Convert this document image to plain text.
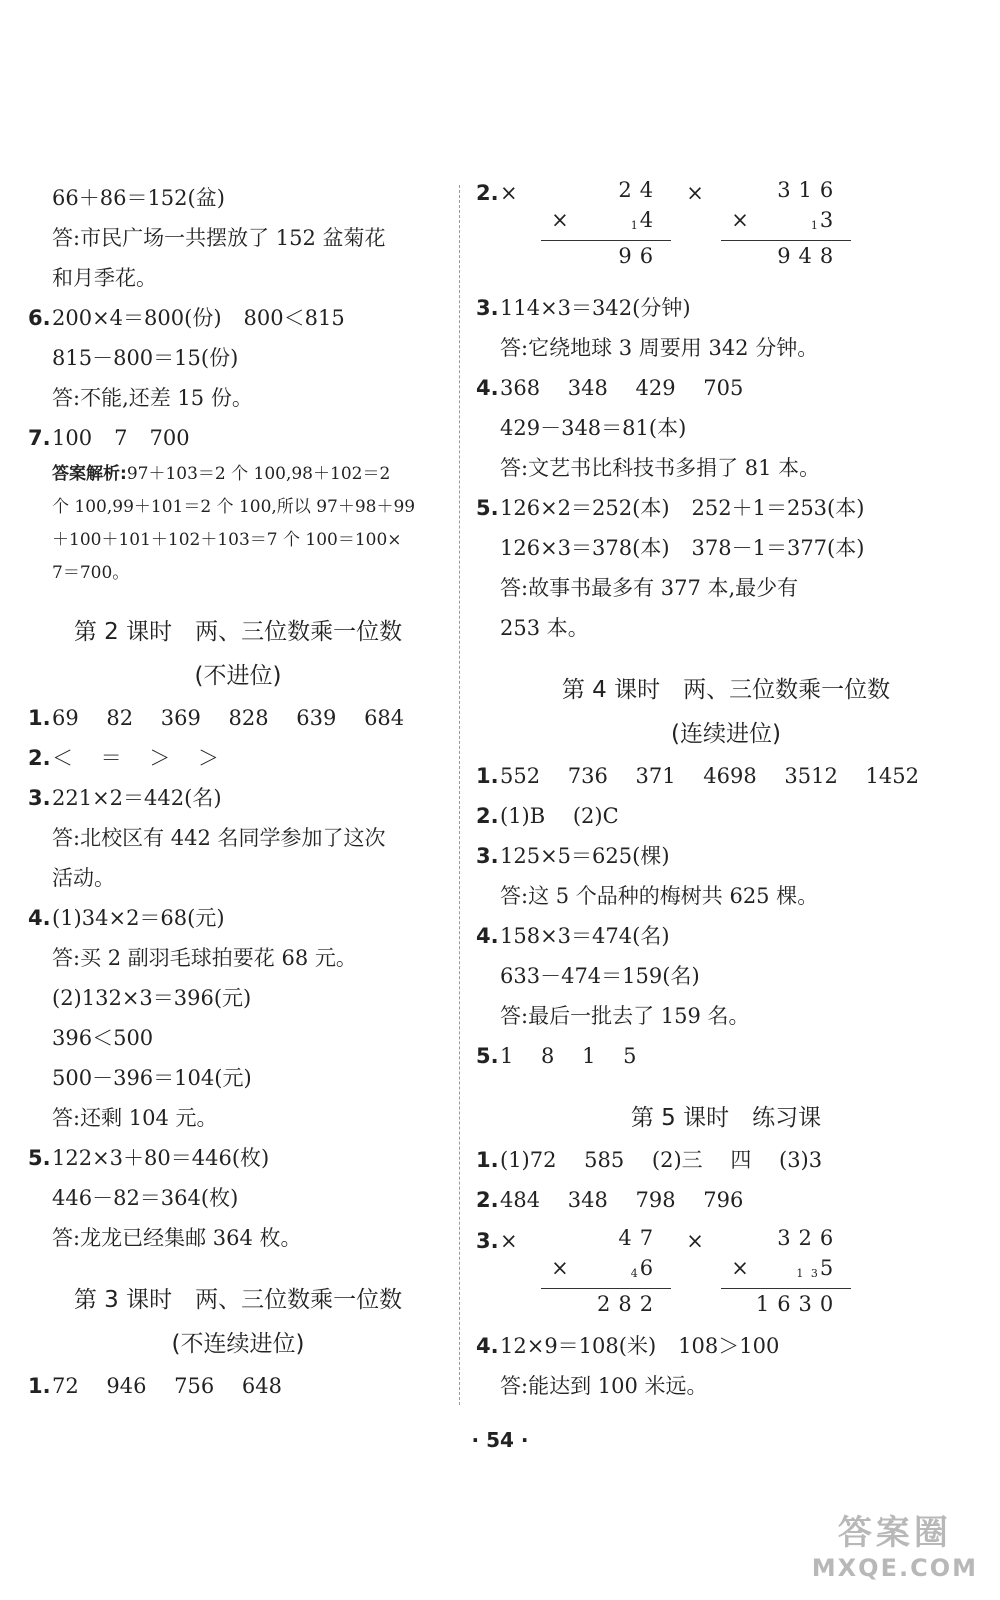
66＋86＝152(盆)
答:市民广场一共摆放了 152 盆菊花
和月季花。
6.200×4＝800(份) 800＜815
815－800＝15(份)
答:不能,还差 15 份。
7.100 7 700
答案解析:97＋103＝2 个 100,98＋102＝2
个 100,99＋101＝2 个 100,所以 97＋98＋99
＋100＋101＋102＋103＝7 个 100＝100×
7＝700。
第 2 课时　两、三位数乘一位数
(不进位)
1.69　 82　 369　 828　 639　 684
2.＜　 ＝　 ＞　 ＞
3.221×2＝442(名)
答:北校区有 442 名同学参加了这次
活动。
4.(1)34×2＝68(元)
答:买 2 副羽毛球拍要花 68 元。
(2)132×3＝396(元)
396＜500
500－396＝104(元)
答:还剩 104 元。
5.122×3＋80＝446(枚)
446－82＝364(枚)
答:龙龙已经集邮 364 枚。
第 3 课时　两、三位数乘一位数
(不连续进位)
1.72　 946　 756　 648
2.×	24
×	$_1$4
96
×	316
×	$_1$3
948
3.114×3＝342(分钟)
答:它绕地球 3 周要用 342 分钟。
4.368　 348　 429　 705
429－348＝81(本)
答:文艺书比科技书多捐了 81 本。
5.126×2＝252(本) 252＋1＝253(本)
126×3＝378(本) 378－1＝377(本)
答:故事书最多有 377 本,最少有
253 本。
第 4 课时　两、三位数乘一位数
(连续进位)
1.552　 736　 371　 4698　 3512　 1452
2.(1)B　 (2)C
3.125×5＝625(棵)
答:这 5 个品种的梅树共 625 棵。
4.158×3＝474(名)
633－474＝159(名)
答:最后一批去了 159 名。
5.1　 8　 1　 5
第 5 课时　练习课
1.(1)72　 585　 (2)三　 四　 (3)3
2.484　 348　 798　 796
3.×	47
×	$_4$6
282
×	326
×	$_{1 3}$5
1630
4.12×9＝108(米) 108＞100
答:能达到 100 米远。
· 54 ·
答案圈
MXQE.COM
